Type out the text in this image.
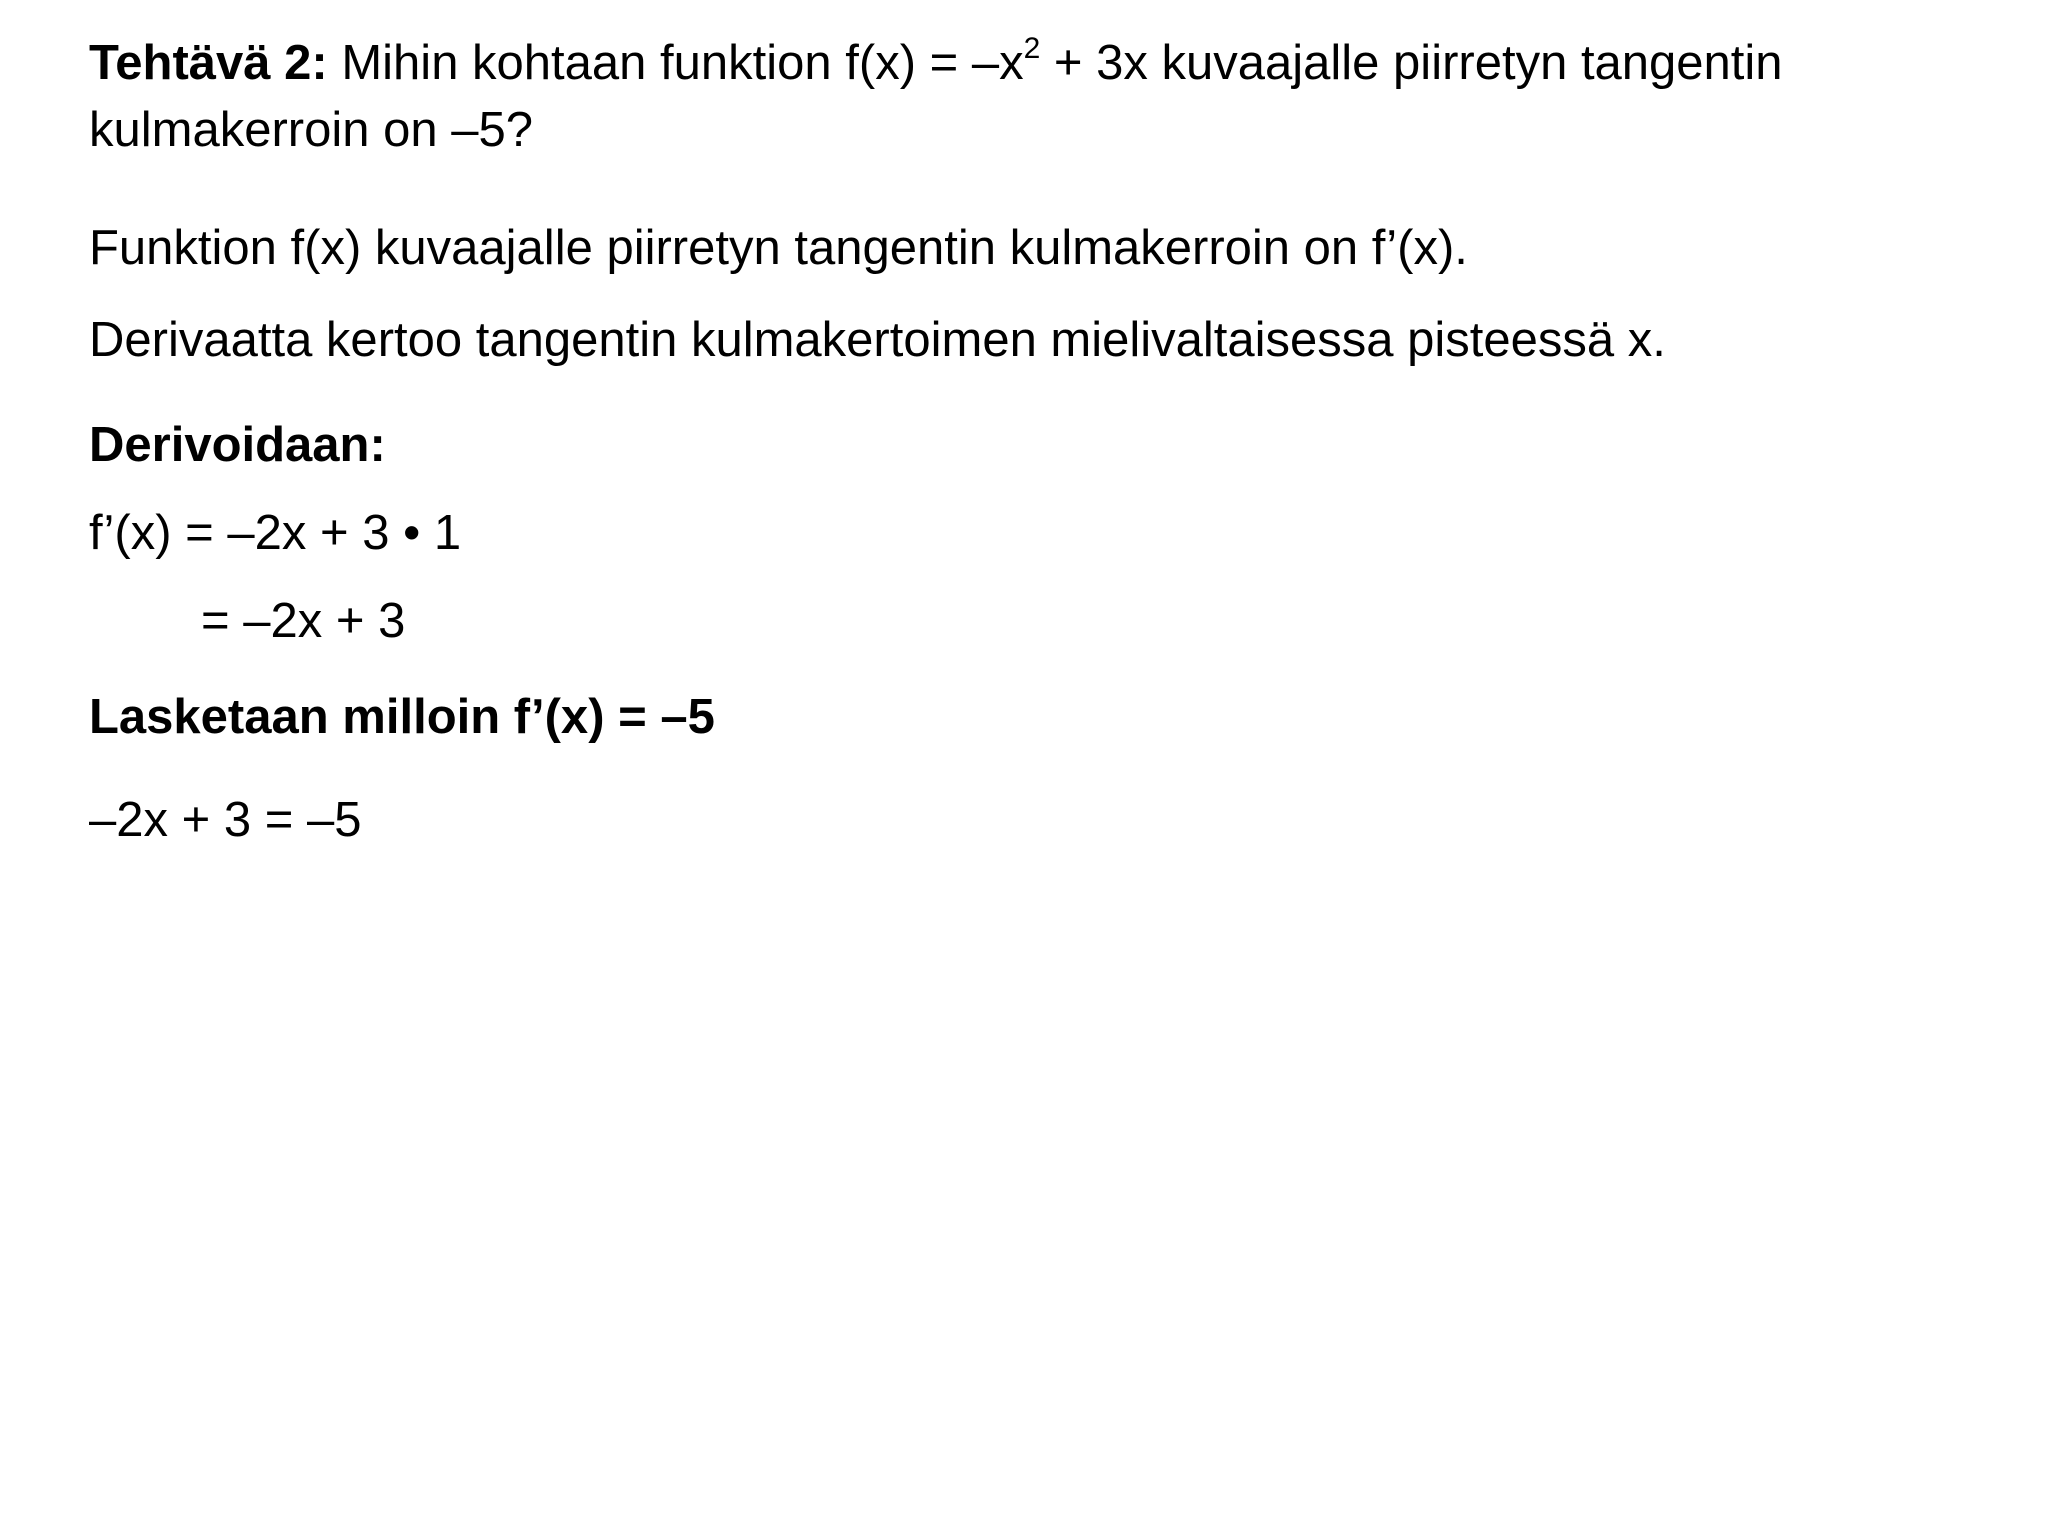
Tehtävä 2: Mihin kohtaan funktion $f(x) = -x^2 + 3x$ kuvaajalle piirretyn tangentin
kulmakerroin on –5?
Funktion f(x) kuvaajalle piirretyn tangentin kulmakerroin on f’(x).
Derivaatta kertoo tangentin kulmakertoimen mielivaltaisessa pisteessä x.
Derivoidaan:
f’(x) = –2x + 3 • 1
= –2x + 3
Lasketaan milloin f’(x) = –5
–2x + 3 = –5
